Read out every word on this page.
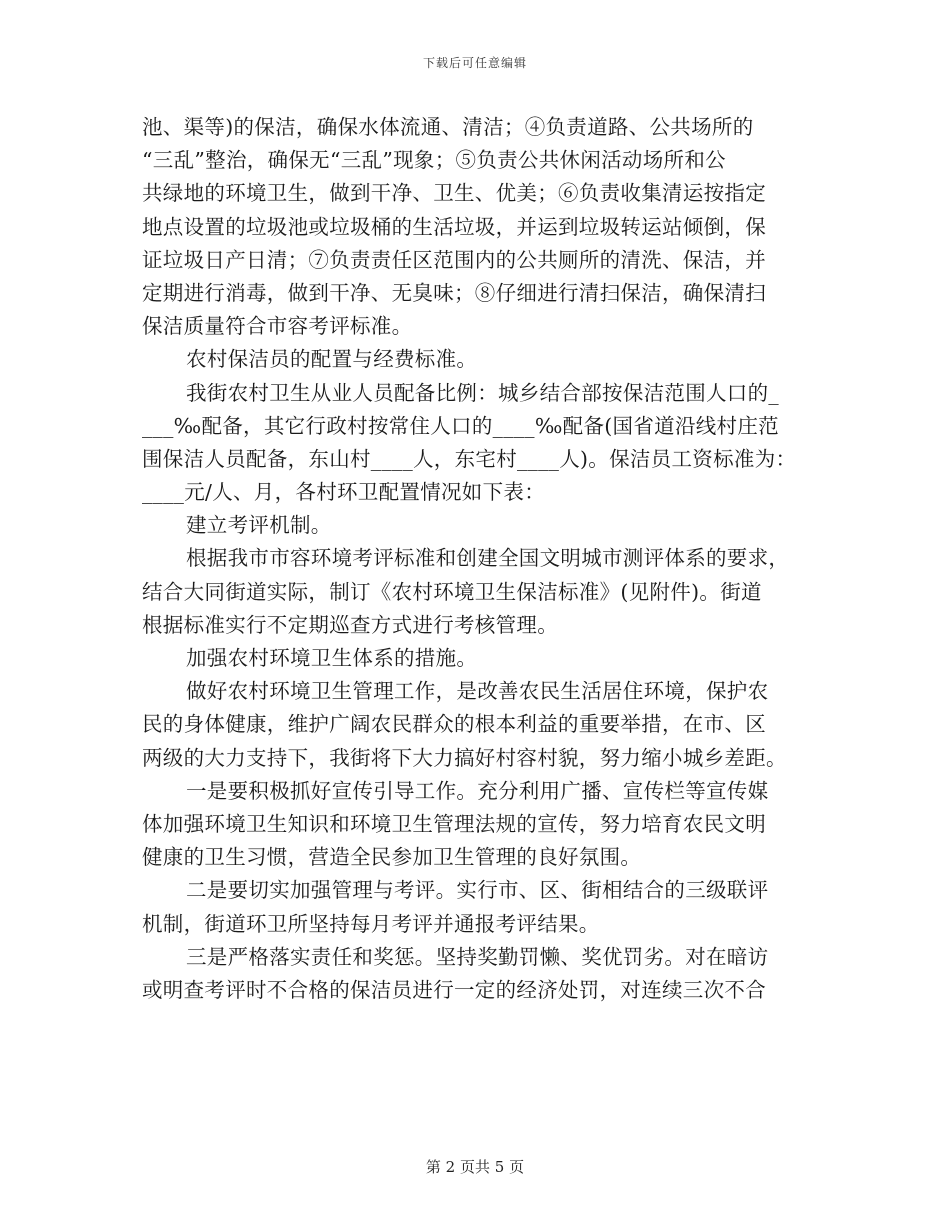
下载后可任意编辑
池、渠等)的保洁，确保水体流通、清洁；④负责道路、公共场所的
“三乱”整治，确保无“三乱”现象；⑤负责公共休闲活动场所和公
共绿地的环境卫生，做到干净、卫生、优美；⑥负责收集清运按指定
地点设置的垃圾池或垃圾桶的生活垃圾，并运到垃圾转运站倾倒，保
证垃圾日产日清；⑦负责责任区范围内的公共厕所的清洗、保洁，并
定期进行消毒，做到干净、无臭味；⑧仔细进行清扫保洁，确保清扫
保洁质量符合市容考评标准。
农村保洁员的配置与经费标准。
我街农村卫生从业人员配备比例：城乡结合部按保洁范围人口的_
___‰配备，其它行政村按常住人口的____‰配备(国省道沿线村庄范
围保洁人员配备，东山村____人，东宅村____人)。保洁员工资标准为：
____元/人、月，各村环卫配置情况如下表：
建立考评机制。
根据我市市容环境考评标准和创建全国文明城市测评体系的要求，
结合大同街道实际，制订《农村环境卫生保洁标准》(见附件)。街道
根据标准实行不定期巡查方式进行考核管理。
加强农村环境卫生体系的措施。
做好农村环境卫生管理工作，是改善农民生活居住环境，保护农
民的身体健康，维护广阔农民群众的根本利益的重要举措，在市、区
两级的大力支持下，我街将下大力搞好村容村貌，努力缩小城乡差距。
一是要积极抓好宣传引导工作。充分利用广播、宣传栏等宣传媒
体加强环境卫生知识和环境卫生管理法规的宣传，努力培育农民文明
健康的卫生习惯，营造全民参加卫生管理的良好氛围。
二是要切实加强管理与考评。实行市、区、街相结合的三级联评
机制，街道环卫所坚持每月考评并通报考评结果。
三是严格落实责任和奖惩。坚持奖勤罚懒、奖优罚劣。对在暗访
或明查考评时不合格的保洁员进行一定的经济处罚，对连续三次不合
第 2 页共 5 页
